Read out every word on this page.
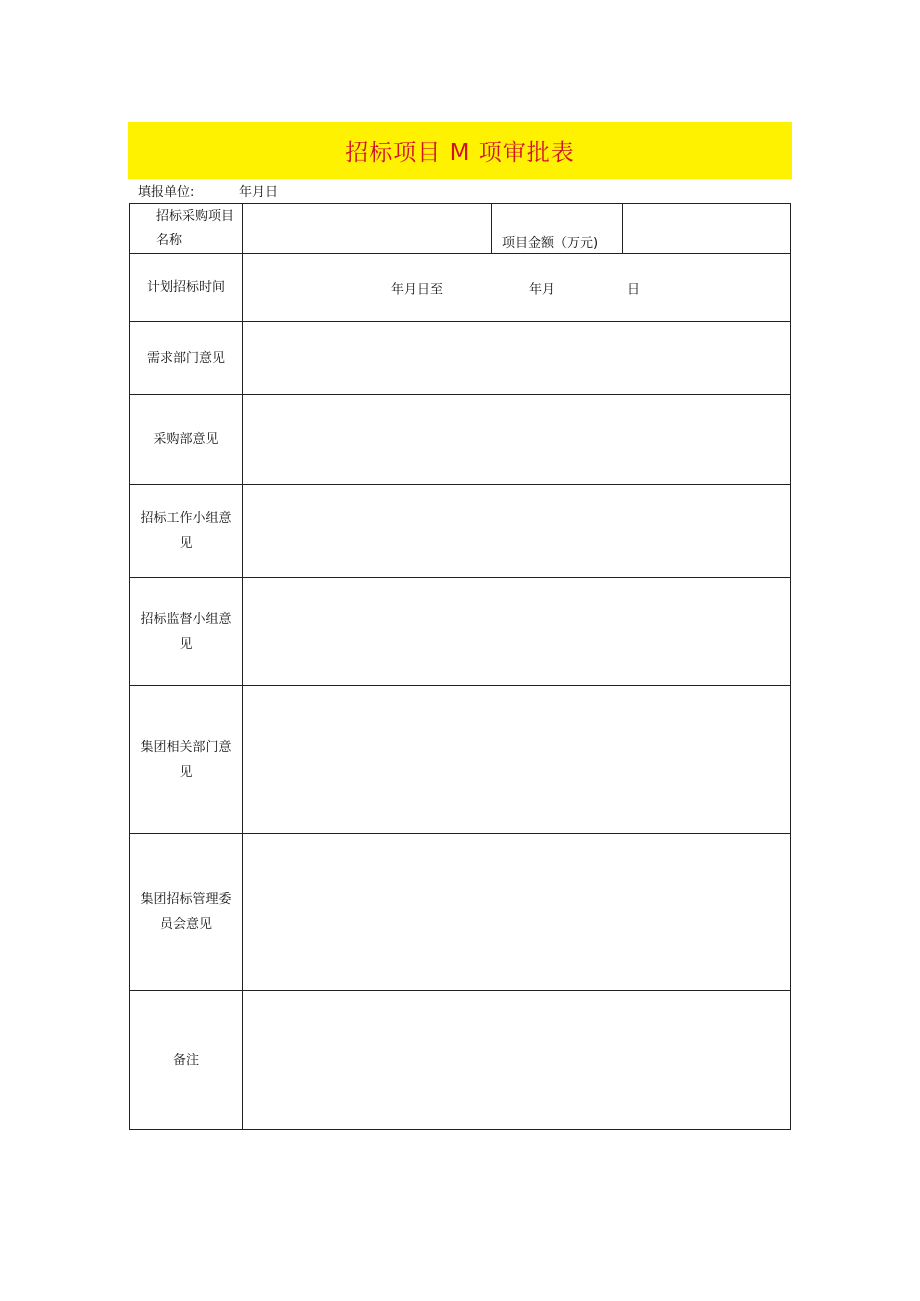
招标项目 M 项审批表
填报单位:	年月日
招标采购项目名称		项目金额（万元)	
计划招标时间	年月日至 年月 日		

需求部门意见			
采购部意见			
招标工作小组意见			
招标监督小组意见			
集团相关部门意见			
集团招标管理委员会意见			
备注			
